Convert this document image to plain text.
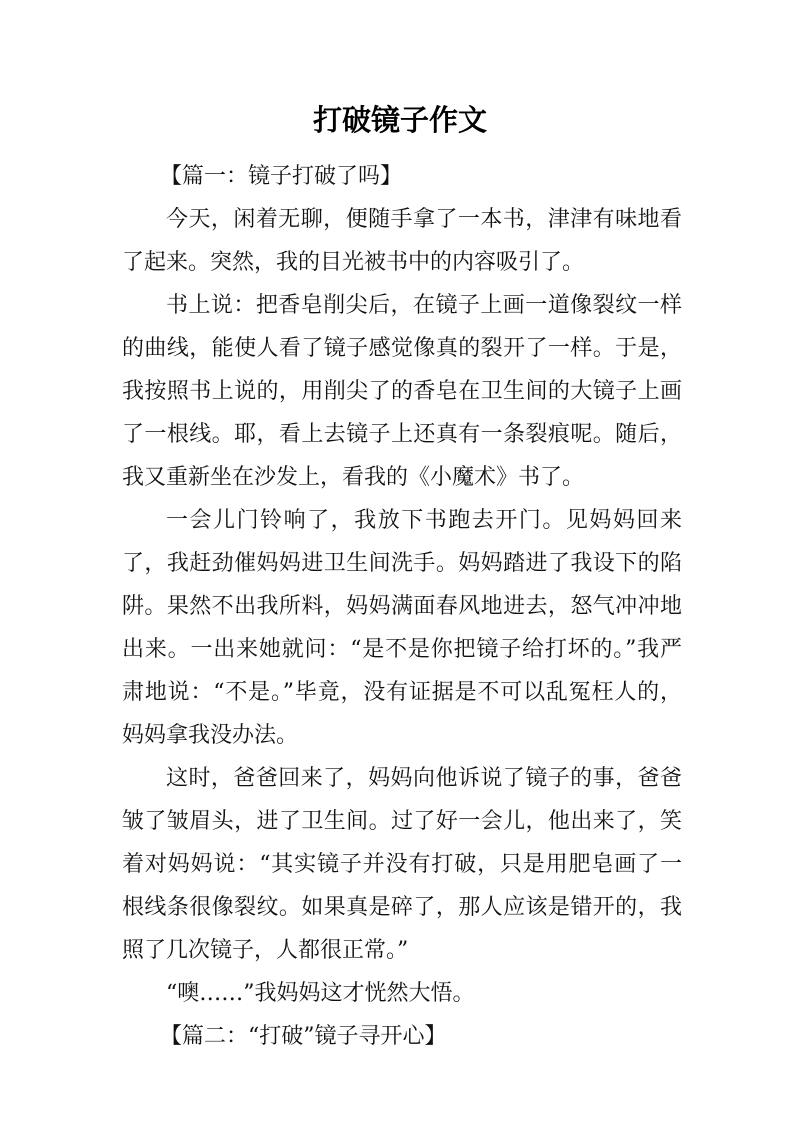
打破镜子作文

【篇一：镜子打破了吗】

今天，闲着无聊，便随手拿了一本书，津津有味地看了起来。突然，我的目光被书中的内容吸引了。

书上说：把香皂削尖后，在镜子上画一道像裂纹一样的曲线，能使人看了镜子感觉像真的裂开了一样。于是，我按照书上说的，用削尖了的香皂在卫生间的大镜子上画了一根线。耶，看上去镜子上还真有一条裂痕呢。随后，我又重新坐在沙发上，看我的《小魔术》书了。

一会儿门铃响了，我放下书跑去开门。见妈妈回来了，我赶劲催妈妈进卫生间洗手。妈妈踏进了我设下的陷阱。果然不出我所料，妈妈满面春风地进去，怒气冲冲地出来。一出来她就问：“是不是你把镜子给打坏的。”我严肃地说：“不是。”毕竟，没有证据是不可以乱冤枉人的，妈妈拿我没办法。

这时，爸爸回来了，妈妈向他诉说了镜子的事，爸爸皱了皱眉头，进了卫生间。过了好一会儿，他出来了，笑着对妈妈说：“其实镜子并没有打破，只是用肥皂画了一根线条很像裂纹。如果真是碎了，那人应该是错开的，我照了几次镜子，人都很正常。”

“噢……”我妈妈这才恍然大悟。

【篇二：“打破”镜子寻开心】
